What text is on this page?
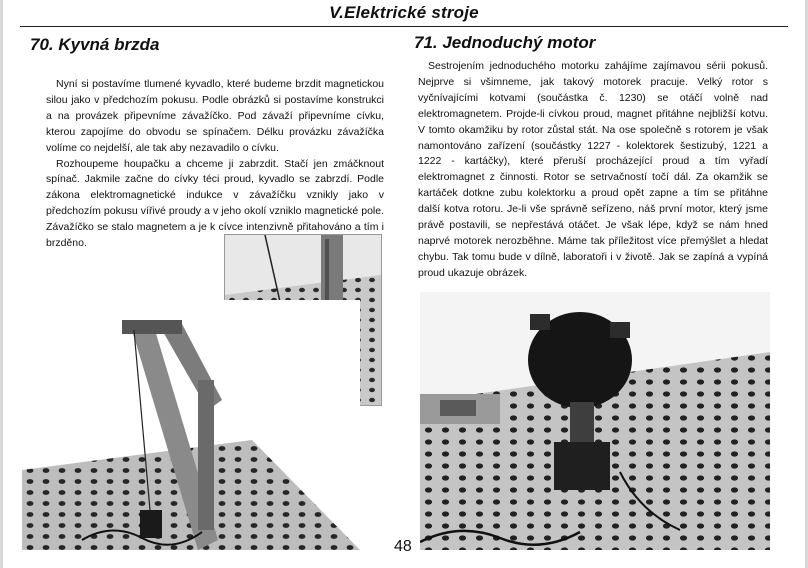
V.Elektrické stroje
70. Kyvná brzda

Nyní si postavíme tlumené kyvadlo, které budeme brzdit magnetickou silou jako v předchozím pokusu. Podle obrázků si postavíme konstrukci a na provázek připevníme závažíčko. Pod závaží připevníme cívku, kterou zapojíme do obvodu se spínačem. Délku provázku závažíčka volíme co nejdelší, ale tak aby nezavadilo o cívku.

Rozhoupeme houpačku a chceme ji zabrzdit. Stačí jen zmáčknout spínač. Jakmile začne do cívky téci proud, kyvadlo se zabrzdí. Podle zákona elektromagnetické indukce v závažíčku vznikly jako v předchozím pokusu vířivé proudy a v jeho okolí vzniklo magnetické pole. Závažíčko se stalo magnetem a je k cívce intenzivně přitahováno a tím i brzděno.

71. Jednoduchý motor

Sestrojením jednoduchého motorku zahájíme zajímavou sérii pokusů. Nejprve si všimneme, jak takový motorek pracuje. Velký rotor s vyčnívajícími kotvami (součástka č. 1230) se otáčí volně nad elektromagnetem. Projde-li cívkou proud, magnet přitáhne nejbližší kotvu. V tomto okamžiku by rotor zůstal stát. Na ose společně s rotorem je však namontováno zařízení (součástky 1227 - kolektorek šestizubý, 1221 a 1222 - kartáčky), které přeruší procházející proud a tím vyřadí elektromagnet z činnosti. Rotor se setrvačností točí dál. Za okamžik se kartáček dotkne zubu kolektorku a proud opět zapne a tím se přitáhne další kotva rotoru. Je-li vše správně seřízeno, náš první motor, který jsme právě postavili, se nepřestává otáčet. Je však lépe, když se nám hned naprvé motorek nerozběhne. Máme tak příležitost více přemýšlet a hledat chybu. Tak tomu bude v dílně, laboratoři i v životě. Jak se zapíná a vypíná proud ukazuje obrázek.

48
